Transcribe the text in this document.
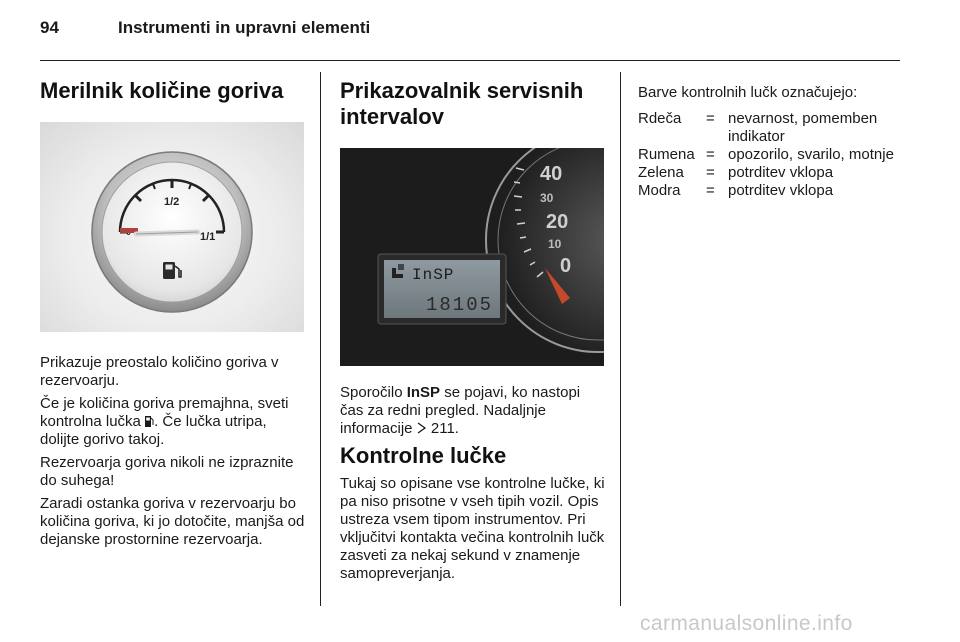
94	Instrumenti in upravni elementi
Merilnik količine goriva
1/2
1/1

Prikazuje preostalo količino goriva v rezervoarju.

Če je količina goriva premajhna, sveti kontrolna lučka . Če lučka utripa, dolijte gorivo takoj.

Rezervoarja goriva nikoli ne izpraznite do suhega!

Zaradi ostanka goriva v rezervoarju bo količina goriva, ki jo dotočite, manjša od dejanske prostornine rezervoarja.

Prikazovalnik servisnih intervalov
40
30
20
10
0
InSP
18105

Sporočilo InSP se pojavi, ko nastopi čas za redni pregled. Nadaljnje informacije  211.

Kontrolne lučke

Tukaj so opisane vse kontrolne lučke, ki pa niso prisotne v vseh tipih vozil. Opis ustreza vsem tipom instrumentov. Pri vključitvi kontakta večina kontrolnih lučk zasveti za nekaj sekund v znamenje samopreverjanja.

Barve kontrolnih lučk označujejo:

Rdeča	= nevarnost, pomemben indikator
Rumena = opozorilo, svarilo, motnje
Zelena	= potrditev vklopa
Modra	= potrditev vklopa
carmanualsonline.info
